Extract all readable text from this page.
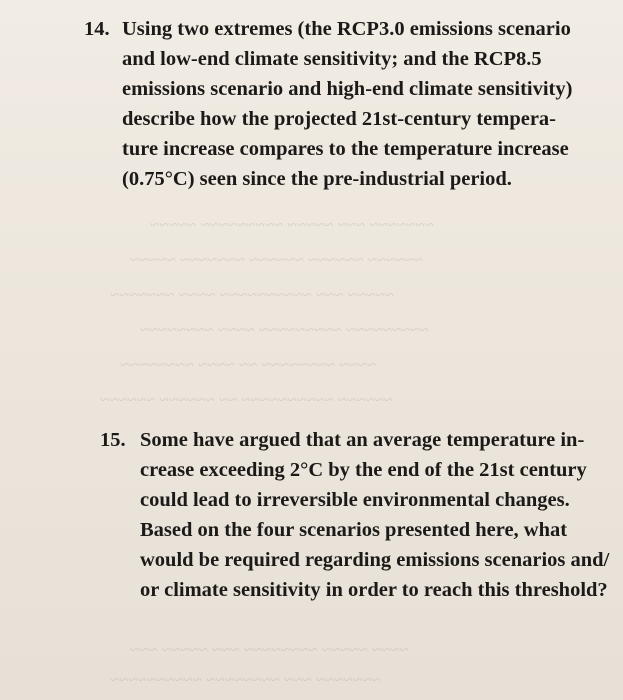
~~~~~~~ ~~~ ~~~~~ ~~~~~~~~~ ~~~~~
~~~~~~ ~~~~~~ ~~~~~~ ~~~~~~~ ~~~~~
~~~~~ ~~~ ~~~~~~~~~~ ~~~~ ~~~~~~~
~~~~~~~~~ ~~~~~~~~~ ~~~~ ~~~~~~~~
~~~~ ~~~~~~~~ ~~ ~~~~ ~~~~~~~~
~~~~~~ ~~~~~~~~~~ ~~ ~~~~~~ ~~~~~~
~~~~ ~~~~~ ~~~~~~~~ ~~~ ~~~~~ ~~~
~~~~~~~ ~~~ ~~~~~~~~ ~~~~~~~~~~
14. Using two extremes (the RCP3.0 emissions scenario
and low-end climate sensitivity; and the RCP8.5
emissions scenario and high-end climate sensitivity)
describe how the projected 21st-century tempera-
ture increase compares to the temperature increase
(0.75°C) seen since the pre-industrial period.
15. Some have argued that an average temperature in-
crease exceeding 2°C by the end of the 21st century
could lead to irreversible environmental changes.
Based on the four scenarios presented here, what
would be required regarding emissions scenarios and/
or climate sensitivity in order to reach this threshold?
